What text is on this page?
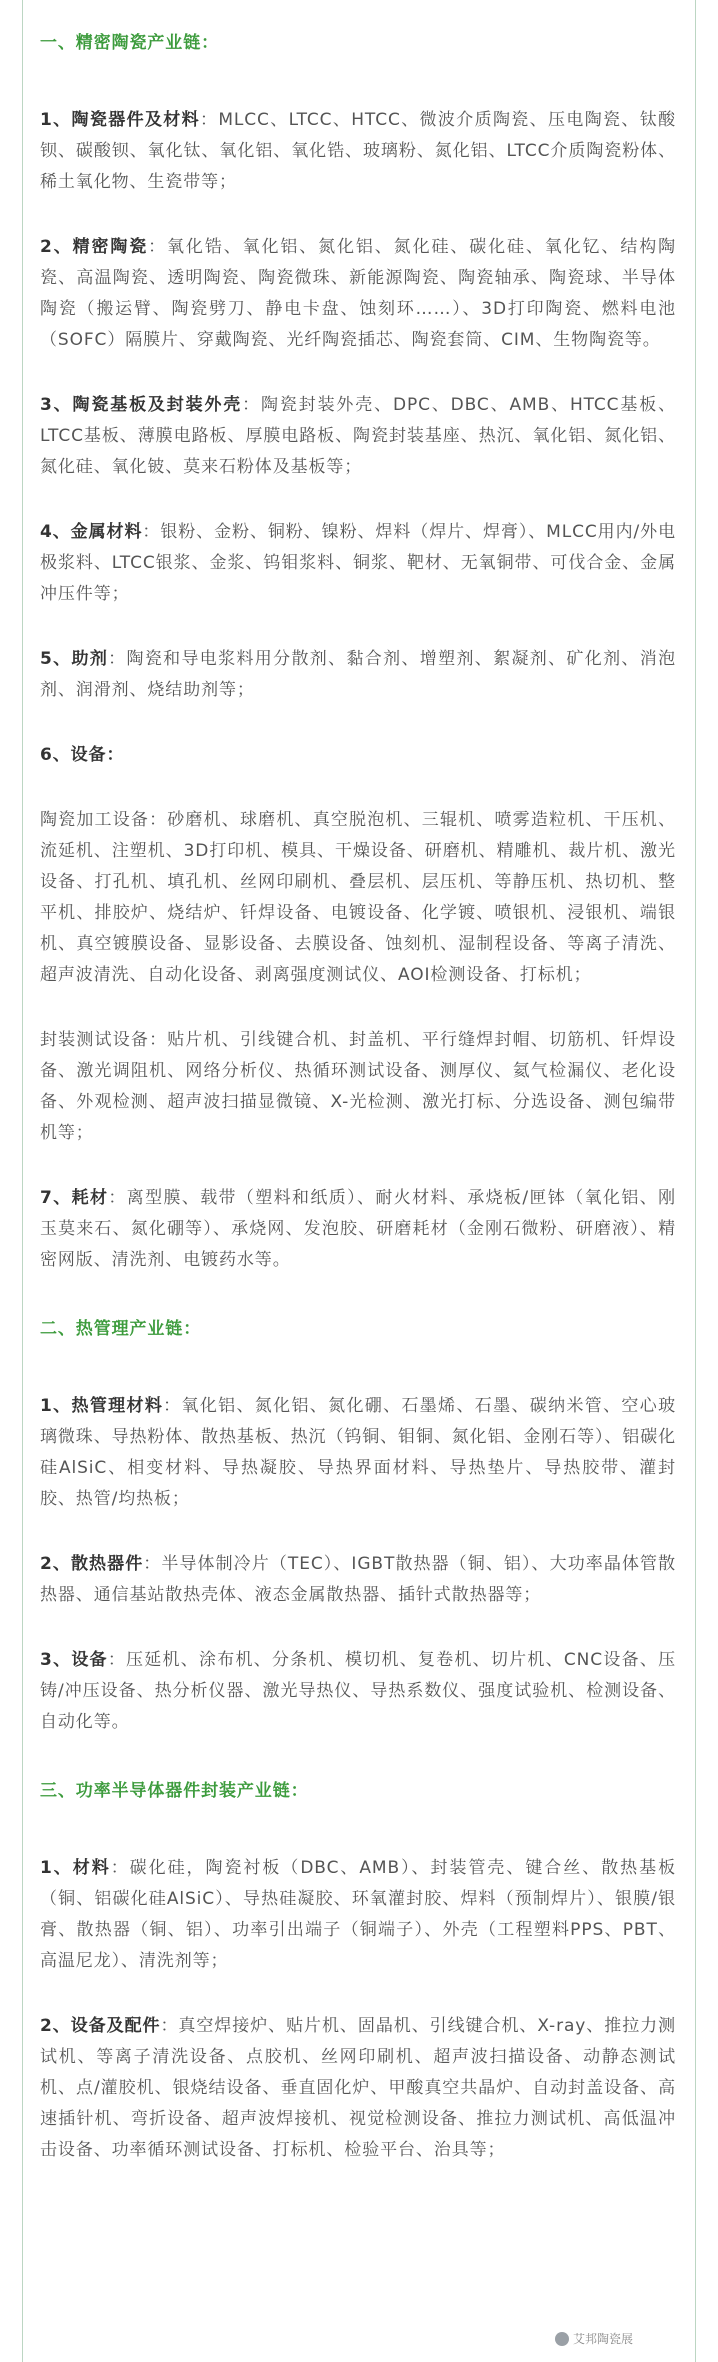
一、精密陶瓷产业链：

1、陶瓷器件及材料：MLCC、LTCC、HTCC、微波介质陶瓷、压电陶瓷、钛酸钡、碳酸钡、氧化钛、氧化铝、氧化锆、玻璃粉、氮化铝、LTCC介质陶瓷粉体、稀土氧化物、生瓷带等；

2、精密陶瓷：氧化锆、氧化铝、氮化铝、氮化硅、碳化硅、氧化钇、结构陶瓷、高温陶瓷、透明陶瓷、陶瓷微珠、新能源陶瓷、陶瓷轴承、陶瓷球、半导体陶瓷（搬运臂、陶瓷劈刀、静电卡盘、蚀刻环……）、3D打印陶瓷、燃料电池（SOFC）隔膜片、穿戴陶瓷、光纤陶瓷插芯、陶瓷套筒、CIM、生物陶瓷等。

3、陶瓷基板及封装外壳：陶瓷封装外壳、DPC、DBC、AMB、HTCC基板、LTCC基板、薄膜电路板、厚膜电路板、陶瓷封装基座、热沉、氧化铝、氮化铝、氮化硅、氧化铍、莫来石粉体及基板等；

4、金属材料：银粉、金粉、铜粉、镍粉、焊料（焊片、焊膏）、MLCC用内/外电极浆料、LTCC银浆、金浆、钨钼浆料、铜浆、靶材、无氧铜带、可伐合金、金属冲压件等；

5、助剂：陶瓷和导电浆料用分散剂、黏合剂、增塑剂、絮凝剂、矿化剂、消泡剂、润滑剂、烧结助剂等；

6、设备：

陶瓷加工设备：砂磨机、球磨机、真空脱泡机、三辊机、喷雾造粒机、干压机、流延机、注塑机、3D打印机、模具、干燥设备、研磨机、精雕机、裁片机、激光设备、打孔机、填孔机、丝网印刷机、叠层机、层压机、等静压机、热切机、整平机、排胶炉、烧结炉、钎焊设备、电镀设备、化学镀、喷银机、浸银机、端银机、真空镀膜设备、显影设备、去膜设备、蚀刻机、湿制程设备、等离子清洗、超声波清洗、自动化设备、剥离强度测试仪、AOI检测设备、打标机；

封装测试设备：贴片机、引线键合机、封盖机、平行缝焊封帽、切筋机、钎焊设备、激光调阻机、网络分析仪、热循环测试设备、测厚仪、氦气检漏仪、老化设备、外观检测、超声波扫描显微镜、X-光检测、激光打标、分选设备、测包编带机等；

7、耗材：离型膜、载带（塑料和纸质）、耐火材料、承烧板/匣钵（氧化铝、刚玉莫来石、氮化硼等）、承烧网、发泡胶、研磨耗材（金刚石微粉、研磨液）、精密网版、清洗剂、电镀药水等。

二、热管理产业链：

1、热管理材料：氧化铝、氮化铝、氮化硼、石墨烯、石墨、碳纳米管、空心玻璃微珠、导热粉体、散热基板、热沉（钨铜、钼铜、氮化铝、金刚石等）、铝碳化硅AlSiC、相变材料、导热凝胶、导热界面材料、导热垫片、导热胶带、灌封胶、热管/均热板；

2、散热器件：半导体制冷片（TEC）、IGBT散热器（铜、铝）、大功率晶体管散热器、通信基站散热壳体、液态金属散热器、插针式散热器等；

3、设备：压延机、涂布机、分条机、模切机、复卷机、切片机、CNC设备、压铸/冲压设备、热分析仪器、激光导热仪、导热系数仪、强度试验机、检测设备、自动化等。

三、功率半导体器件封装产业链：

1、材料：碳化硅，陶瓷衬板（DBC、AMB）、封装管壳、键合丝、散热基板（铜、铝碳化硅AlSiC）、导热硅凝胶、环氧灌封胶、焊料（预制焊片）、银膜/银膏、散热器（铜、铝）、功率引出端子（铜端子）、外壳（工程塑料PPS、PBT、高温尼龙）、清洗剂等；

2、设备及配件：真空焊接炉、贴片机、固晶机、引线键合机、X-ray、推拉力测试机、等离子清洗设备、点胶机、丝网印刷机、超声波扫描设备、动静态测试机、点/灌胶机、银烧结设备、垂直固化炉、甲酸真空共晶炉、自动封盖设备、高速插针机、弯折设备、超声波焊接机、视觉检测设备、推拉力测试机、高低温冲击设备、功率循环测试设备、打标机、检验平台、治具等；

艾邦陶瓷展
